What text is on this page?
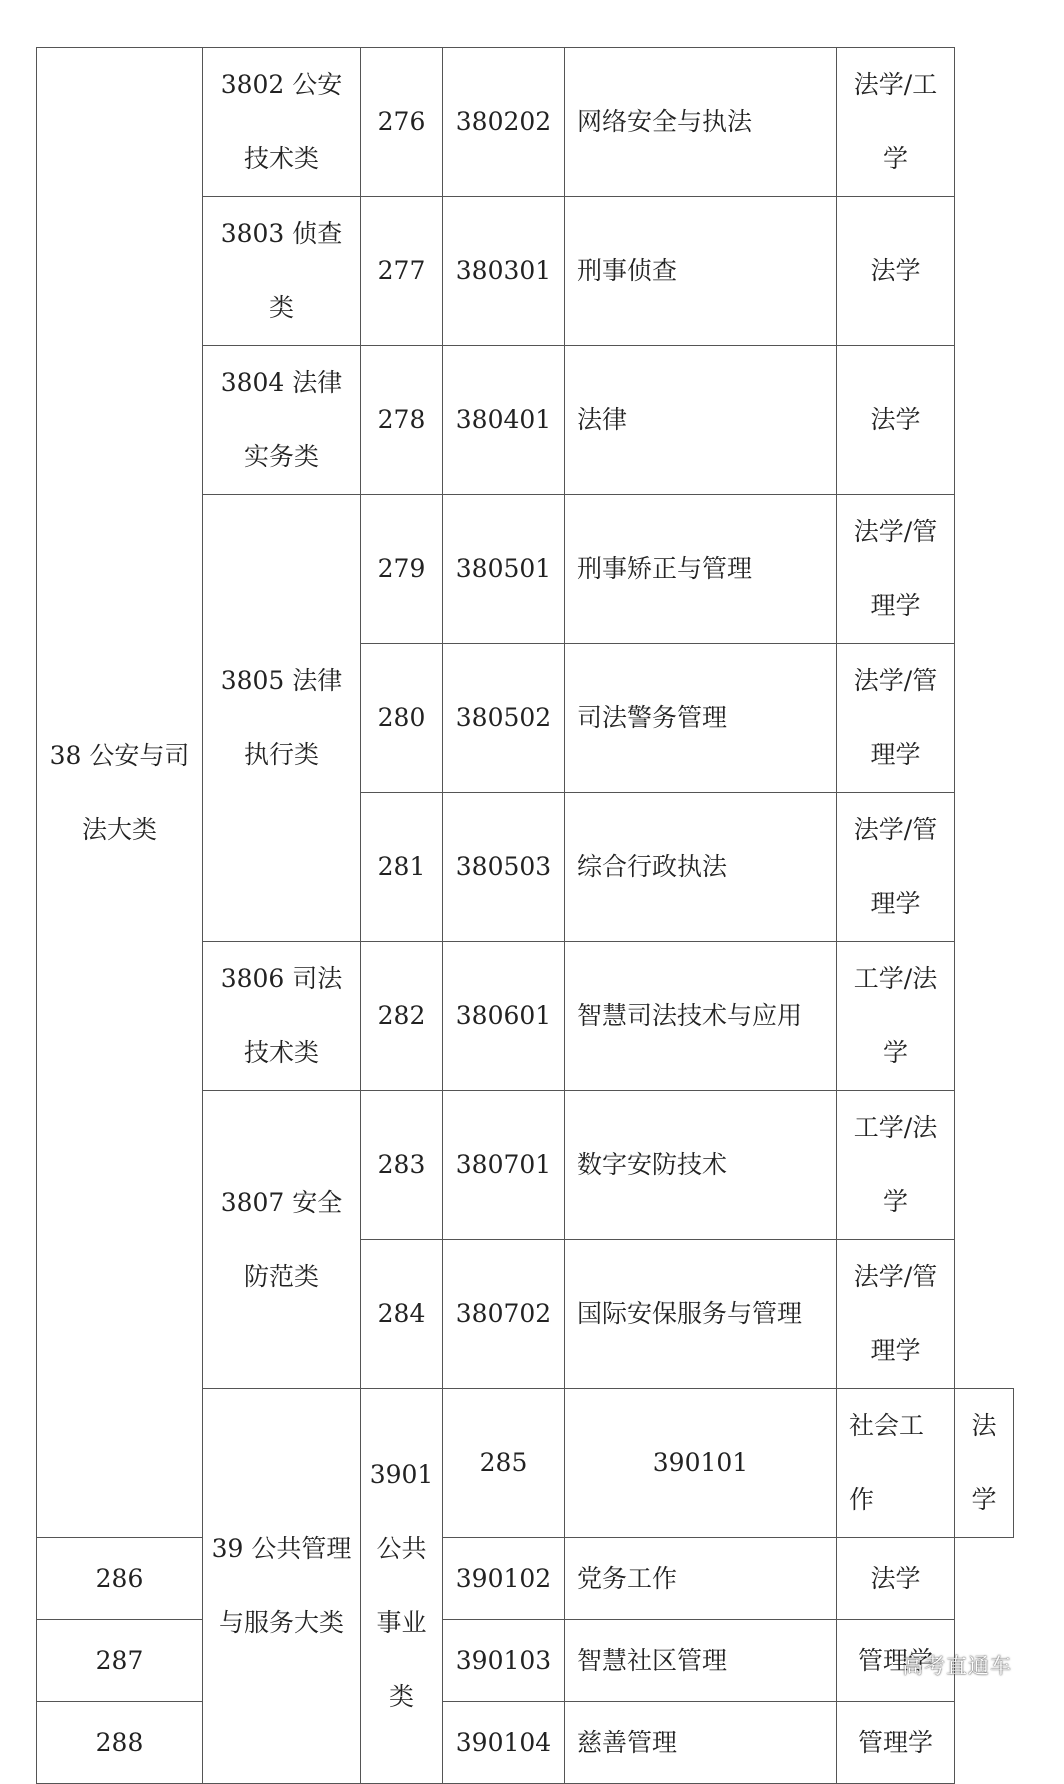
38 公安与司法大类	3802 公安技术类	276	380202	网络安全与执法	法学/工学	
	3803 侦查类	277	380301	刑事侦查	法学	
	3804 法律实务类	278	380401	法律	法学	
	3805 法律执行类	279	380501	刑事矫正与管理	法学/管理学	
		280	380502	司法警务管理	法学/管理学	
		281	380503	综合行政执法	法学/管理学	
	3806 司法技术类	282	380601	智慧司法技术与应用	工学/法学	
	3807 安全防范类	283	380701	数字安防技术	工学/法学	
		284	380702	国际安保服务与管理	法学/管理学	
	39 公共管理与服务大类	3901 公共事业类	285	390101	社会工作	法学
286			390102	党务工作	法学	
287			390103	智慧社区管理	管理学	
288			390104	慈善管理	管理学	
高考直通车
